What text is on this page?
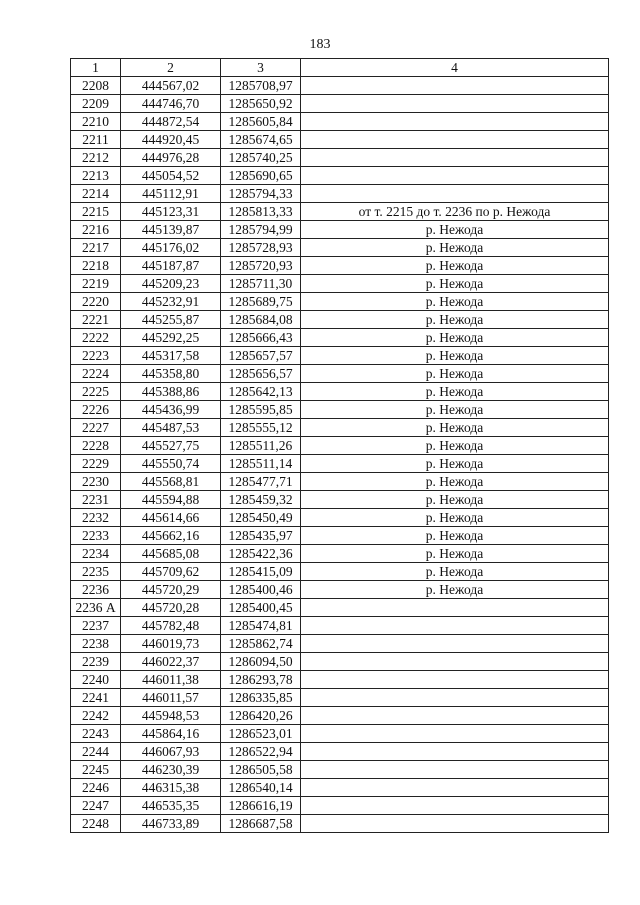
183
1	2	3	4
2208	444567,02	1285708,97	
2209	444746,70	1285650,92	
2210	444872,54	1285605,84	
2211	444920,45	1285674,65	
2212	444976,28	1285740,25	
2213	445054,52	1285690,65	
2214	445112,91	1285794,33	
2215	445123,31	1285813,33	от т. 2215 до т. 2236 по р. Нежода
2216	445139,87	1285794,99	р. Нежода
2217	445176,02	1285728,93	р. Нежода
2218	445187,87	1285720,93	р. Нежода
2219	445209,23	1285711,30	р. Нежода
2220	445232,91	1285689,75	р. Нежода
2221	445255,87	1285684,08	р. Нежода
2222	445292,25	1285666,43	р. Нежода
2223	445317,58	1285657,57	р. Нежода
2224	445358,80	1285656,57	р. Нежода
2225	445388,86	1285642,13	р. Нежода
2226	445436,99	1285595,85	р. Нежода
2227	445487,53	1285555,12	р. Нежода
2228	445527,75	1285511,26	р. Нежода
2229	445550,74	1285511,14	р. Нежода
2230	445568,81	1285477,71	р. Нежода
2231	445594,88	1285459,32	р. Нежода
2232	445614,66	1285450,49	р. Нежода
2233	445662,16	1285435,97	р. Нежода
2234	445685,08	1285422,36	р. Нежода
2235	445709,62	1285415,09	р. Нежода
2236	445720,29	1285400,46	р. Нежода
2236 А	445720,28	1285400,45	
2237	445782,48	1285474,81	
2238	446019,73	1285862,74	
2239	446022,37	1286094,50	
2240	446011,38	1286293,78	
2241	446011,57	1286335,85	
2242	445948,53	1286420,26	
2243	445864,16	1286523,01	
2244	446067,93	1286522,94	
2245	446230,39	1286505,58	
2246	446315,38	1286540,14	
2247	446535,35	1286616,19	
2248	446733,89	1286687,58	
